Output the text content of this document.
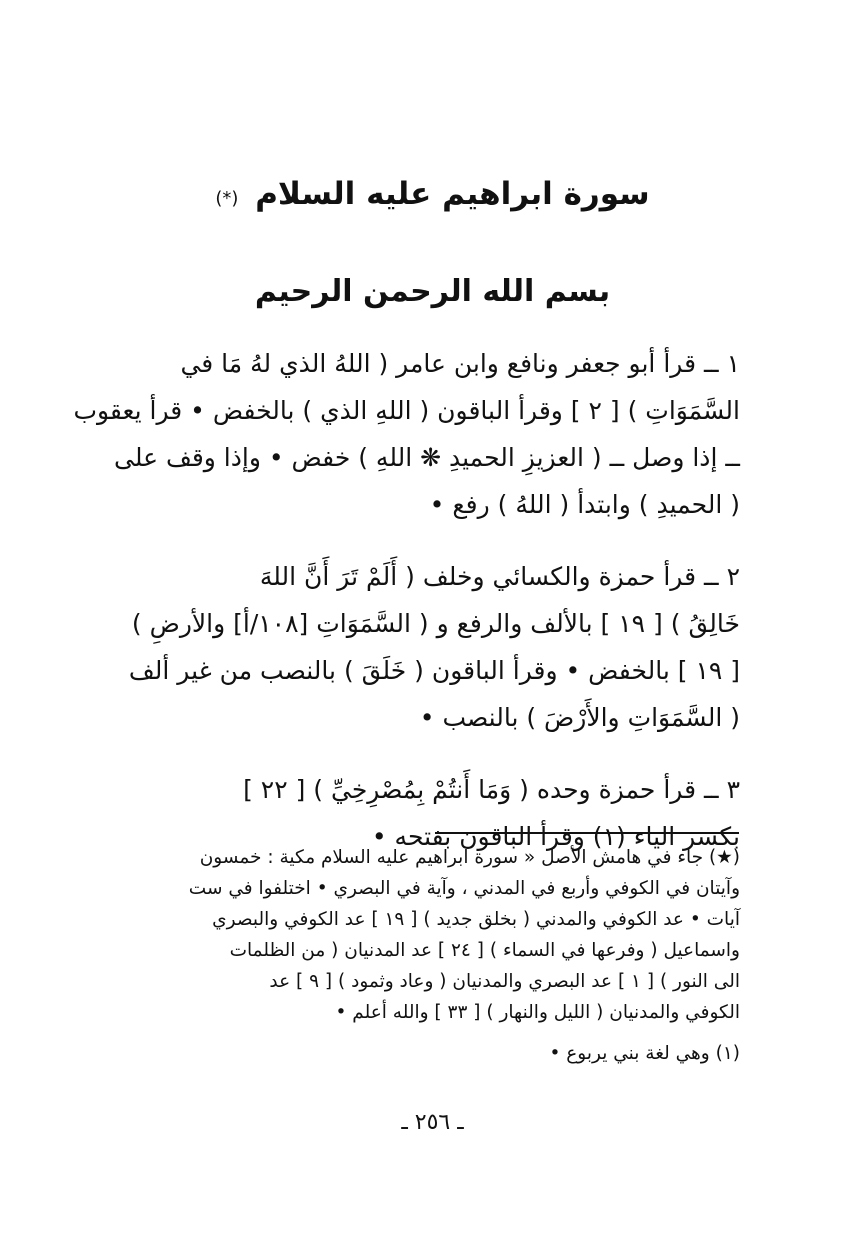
سورة ابراهيم عليه السلام (*)
بسم الله الرحمن الرحيم
١ ــ قرأ أبو جعفر ونافع وابن عامر ( اللهُ الذي لهُ مَا في
السَّمَوَاتِ ) [ ٢ ] وقرأ الباقون ( اللهِ الذي ) بالخفض • قرأ يعقوب
ــ إذا وصل ــ ( العزيزِ الحميدِ ❋ اللهِ ) خفض • وإذا وقف على
( الحميدِ ) وابتدأ ( اللهُ ) رفع •
٢ ــ قرأ حمزة والكسائي وخلف ( أَلَمْ تَرَ أَنَّ اللهَ
خَالِقُ ) [ ١٩ ] بالألف والرفع و ( السَّمَوَاتِ [١٠٨/أ] والأرضِ )
[ ١٩ ] بالخفض • وقرأ الباقون ( خَلَقَ ) بالنصب من غير ألف
( السَّمَوَاتِ والأَرْضَ ) بالنصب •
٣ ــ قرأ حمزة وحده ( وَمَا أَنتُمْ بِمُصْرِخِيِّ ) [ ٢٢ ]
بكسر الياء (١) وقرأ الباقون بفتحه •
(★) جاء في هامش الأصل « سورة ابراهيم عليه السلام مكية : خمسون
وآيتان في الكوفي وأربع في المدني ، وآية في البصري • اختلفوا في ست
آيات • عد الكوفي والمدني ( بخلق جديد ) [ ١٩ ] عد الكوفي والبصري
واسماعيل ( وفرعها في السماء ) [ ٢٤ ] عد المدنيان ( من الظلمات
الى النور ) [ ١ ] عد البصري والمدنيان ( وعاد وثمود ) [ ٩ ] عد
الكوفي والمدنيان ( الليل والنهار ) [ ٣٣ ] والله أعلم •
(١) وهي لغة بني يربوع •
ـ ٢٥٦ ـ
